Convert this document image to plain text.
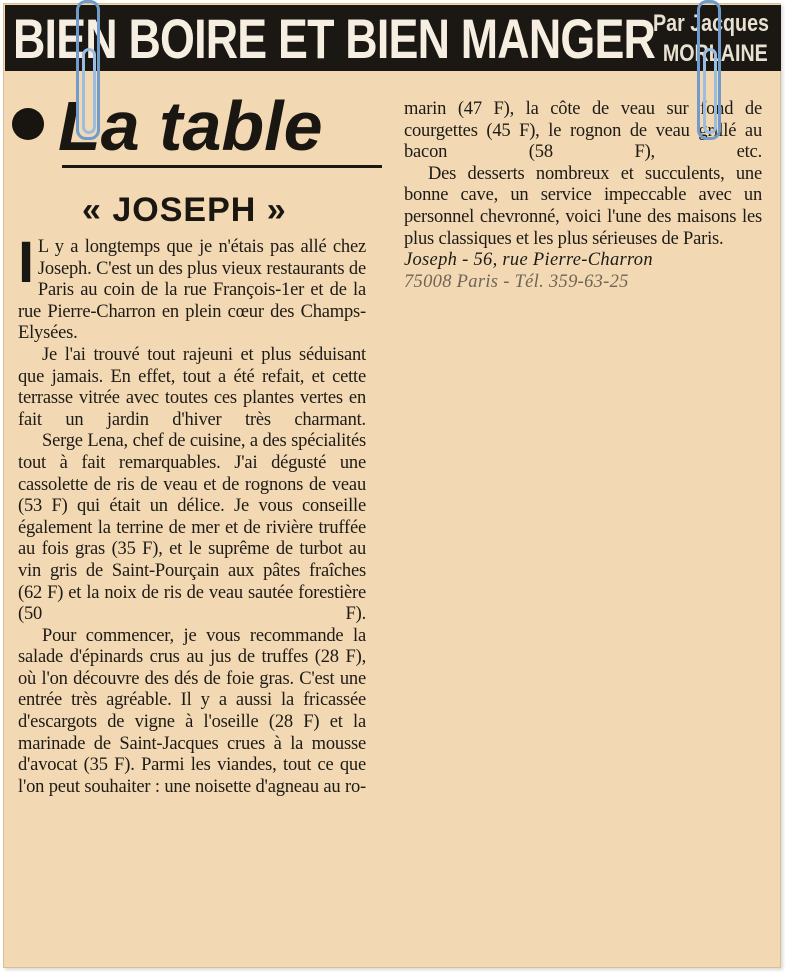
BIEN BOIRE ET BIEN MANGER
Par Jacques
MORLAINE
La table
« JOSEPH »

I L y a longtemps que je n'étais pas allé chez Joseph. C'est un des plus vieux restaurants de Paris au coin de la rue François-1er et de la rue Pierre-Charron en plein cœur des Champs-Elysées.

Je l'ai trouvé tout rajeuni et plus séduisant que jamais. En effet, tout a été refait, et cette terrasse vitrée avec toutes ces plantes vertes en fait un jardin d'hiver très charmant.

Serge Lena, chef de cuisine, a des spécialités tout à fait remarquables. J'ai dégusté une cassolette de ris de veau et de rognons de veau (53 F) qui était un délice. Je vous conseille également la terrine de mer et de rivière truffée au fois gras (35 F), et le suprême de turbot au vin gris de Saint-Pourçain aux pâtes fraîches (62 F) et la noix de ris de veau sautée forestière (50 F).

Pour commencer, je vous recommande la salade d'épinards crus au jus de truffes (28 F), où l'on découvre des dés de foie gras. C'est une entrée très agréable. Il y a aussi la fricassée d'escargots de vigne à l'oseille (28 F) et la marinade de Saint-Jacques crues à la mousse d'avocat (35 F). Parmi les viandes, tout ce que l'on peut souhaiter : une noisette d'agneau au ro-

marin (47 F), la côte de veau sur fond de courgettes (45 F), le rognon de veau grillé au bacon (58 F), etc.

Des desserts nombreux et succulents, une bonne cave, un service impeccable avec un personnel chevronné, voici l'une des maisons les plus classiques et les plus sérieuses de Paris.

Joseph - 56, rue Pierre-Charron
75008 Paris - Tél. 359-63-25
